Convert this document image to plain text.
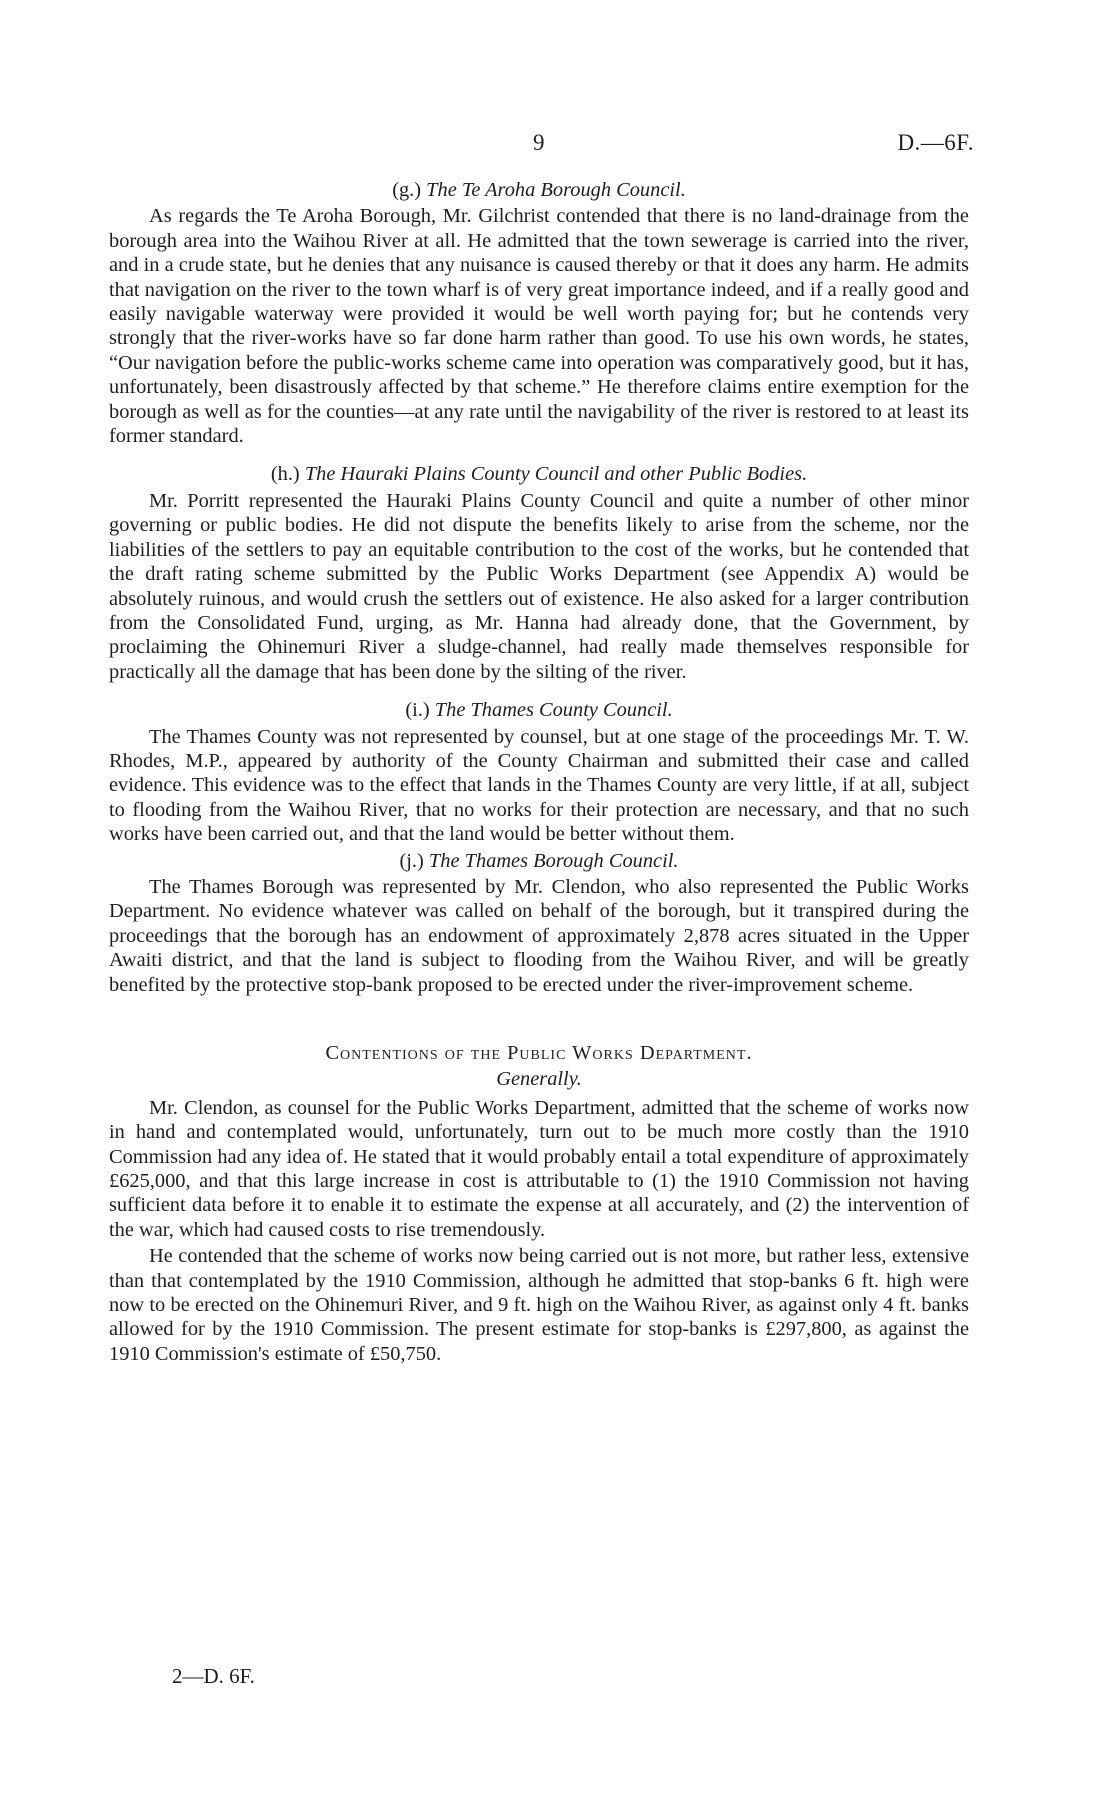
9	D.—6F.

(g.) The Te Aroha Borough Council.

As regards the Te Aroha Borough, Mr. Gilchrist contended that there is no land-drainage from the borough area into the Waihou River at all. He admitted that the town sewerage is carried into the river, and in a crude state, but he denies that any nuisance is caused thereby or that it does any harm. He admits that navigation on the river to the town wharf is of very great importance indeed, and if a really good and easily navigable waterway were provided it would be well worth paying for; but he contends very strongly that the river-works have so far done harm rather than good. To use his own words, he states, “Our navigation before the public-works scheme came into operation was comparatively good, but it has, unfortunately, been disastrously affected by that scheme.” He therefore claims entire exemption for the borough as well as for the counties—at any rate until the navigability of the river is restored to at least its former standard.

(h.) The Hauraki Plains County Council and other Public Bodies.

Mr. Porritt represented the Hauraki Plains County Council and quite a number of other minor governing or public bodies. He did not dispute the benefits likely to arise from the scheme, nor the liabilities of the settlers to pay an equitable contribution to the cost of the works, but he contended that the draft rating scheme submitted by the Public Works Department (see Appendix A) would be absolutely ruinous, and would crush the settlers out of existence. He also asked for a larger contribution from the Consolidated Fund, urging, as Mr. Hanna had already done, that the Government, by proclaiming the Ohinemuri River a sludge-channel, had really made themselves responsible for practically all the damage that has been done by the silting of the river.

(i.) The Thames County Council.

The Thames County was not represented by counsel, but at one stage of the proceedings Mr. T. W. Rhodes, M.P., appeared by authority of the County Chairman and submitted their case and called evidence. This evidence was to the effect that lands in the Thames County are very little, if at all, subject to flooding from the Waihou River, that no works for their protection are necessary, and that no such works have been carried out, and that the land would be better without them.

(j.) The Thames Borough Council.

The Thames Borough was represented by Mr. Clendon, who also represented the Public Works Department. No evidence whatever was called on behalf of the borough, but it transpired during the proceedings that the borough has an endowment of approximately 2,878 acres situated in the Upper Awaiti district, and that the land is subject to flooding from the Waihou River, and will be greatly benefited by the protective stop-bank proposed to be erected under the river-improvement scheme.

Contentions of the Public Works Department.

Generally.

Mr. Clendon, as counsel for the Public Works Department, admitted that the scheme of works now in hand and contemplated would, unfortunately, turn out to be much more costly than the 1910 Commission had any idea of. He stated that it would probably entail a total expenditure of approximately £625,000, and that this large increase in cost is attributable to (1) the 1910 Commission not having sufficient data before it to enable it to estimate the expense at all accurately, and (2) the intervention of the war, which had caused costs to rise tremendously.

He contended that the scheme of works now being carried out is not more, but rather less, extensive than that contemplated by the 1910 Commission, although he admitted that stop-banks 6 ft. high were now to be erected on the Ohinemuri River, and 9 ft. high on the Waihou River, as against only 4 ft. banks allowed for by the 1910 Commission. The present estimate for stop-banks is £297,800, as against the 1910 Commission's estimate of £50,750.

2—D. 6F.
